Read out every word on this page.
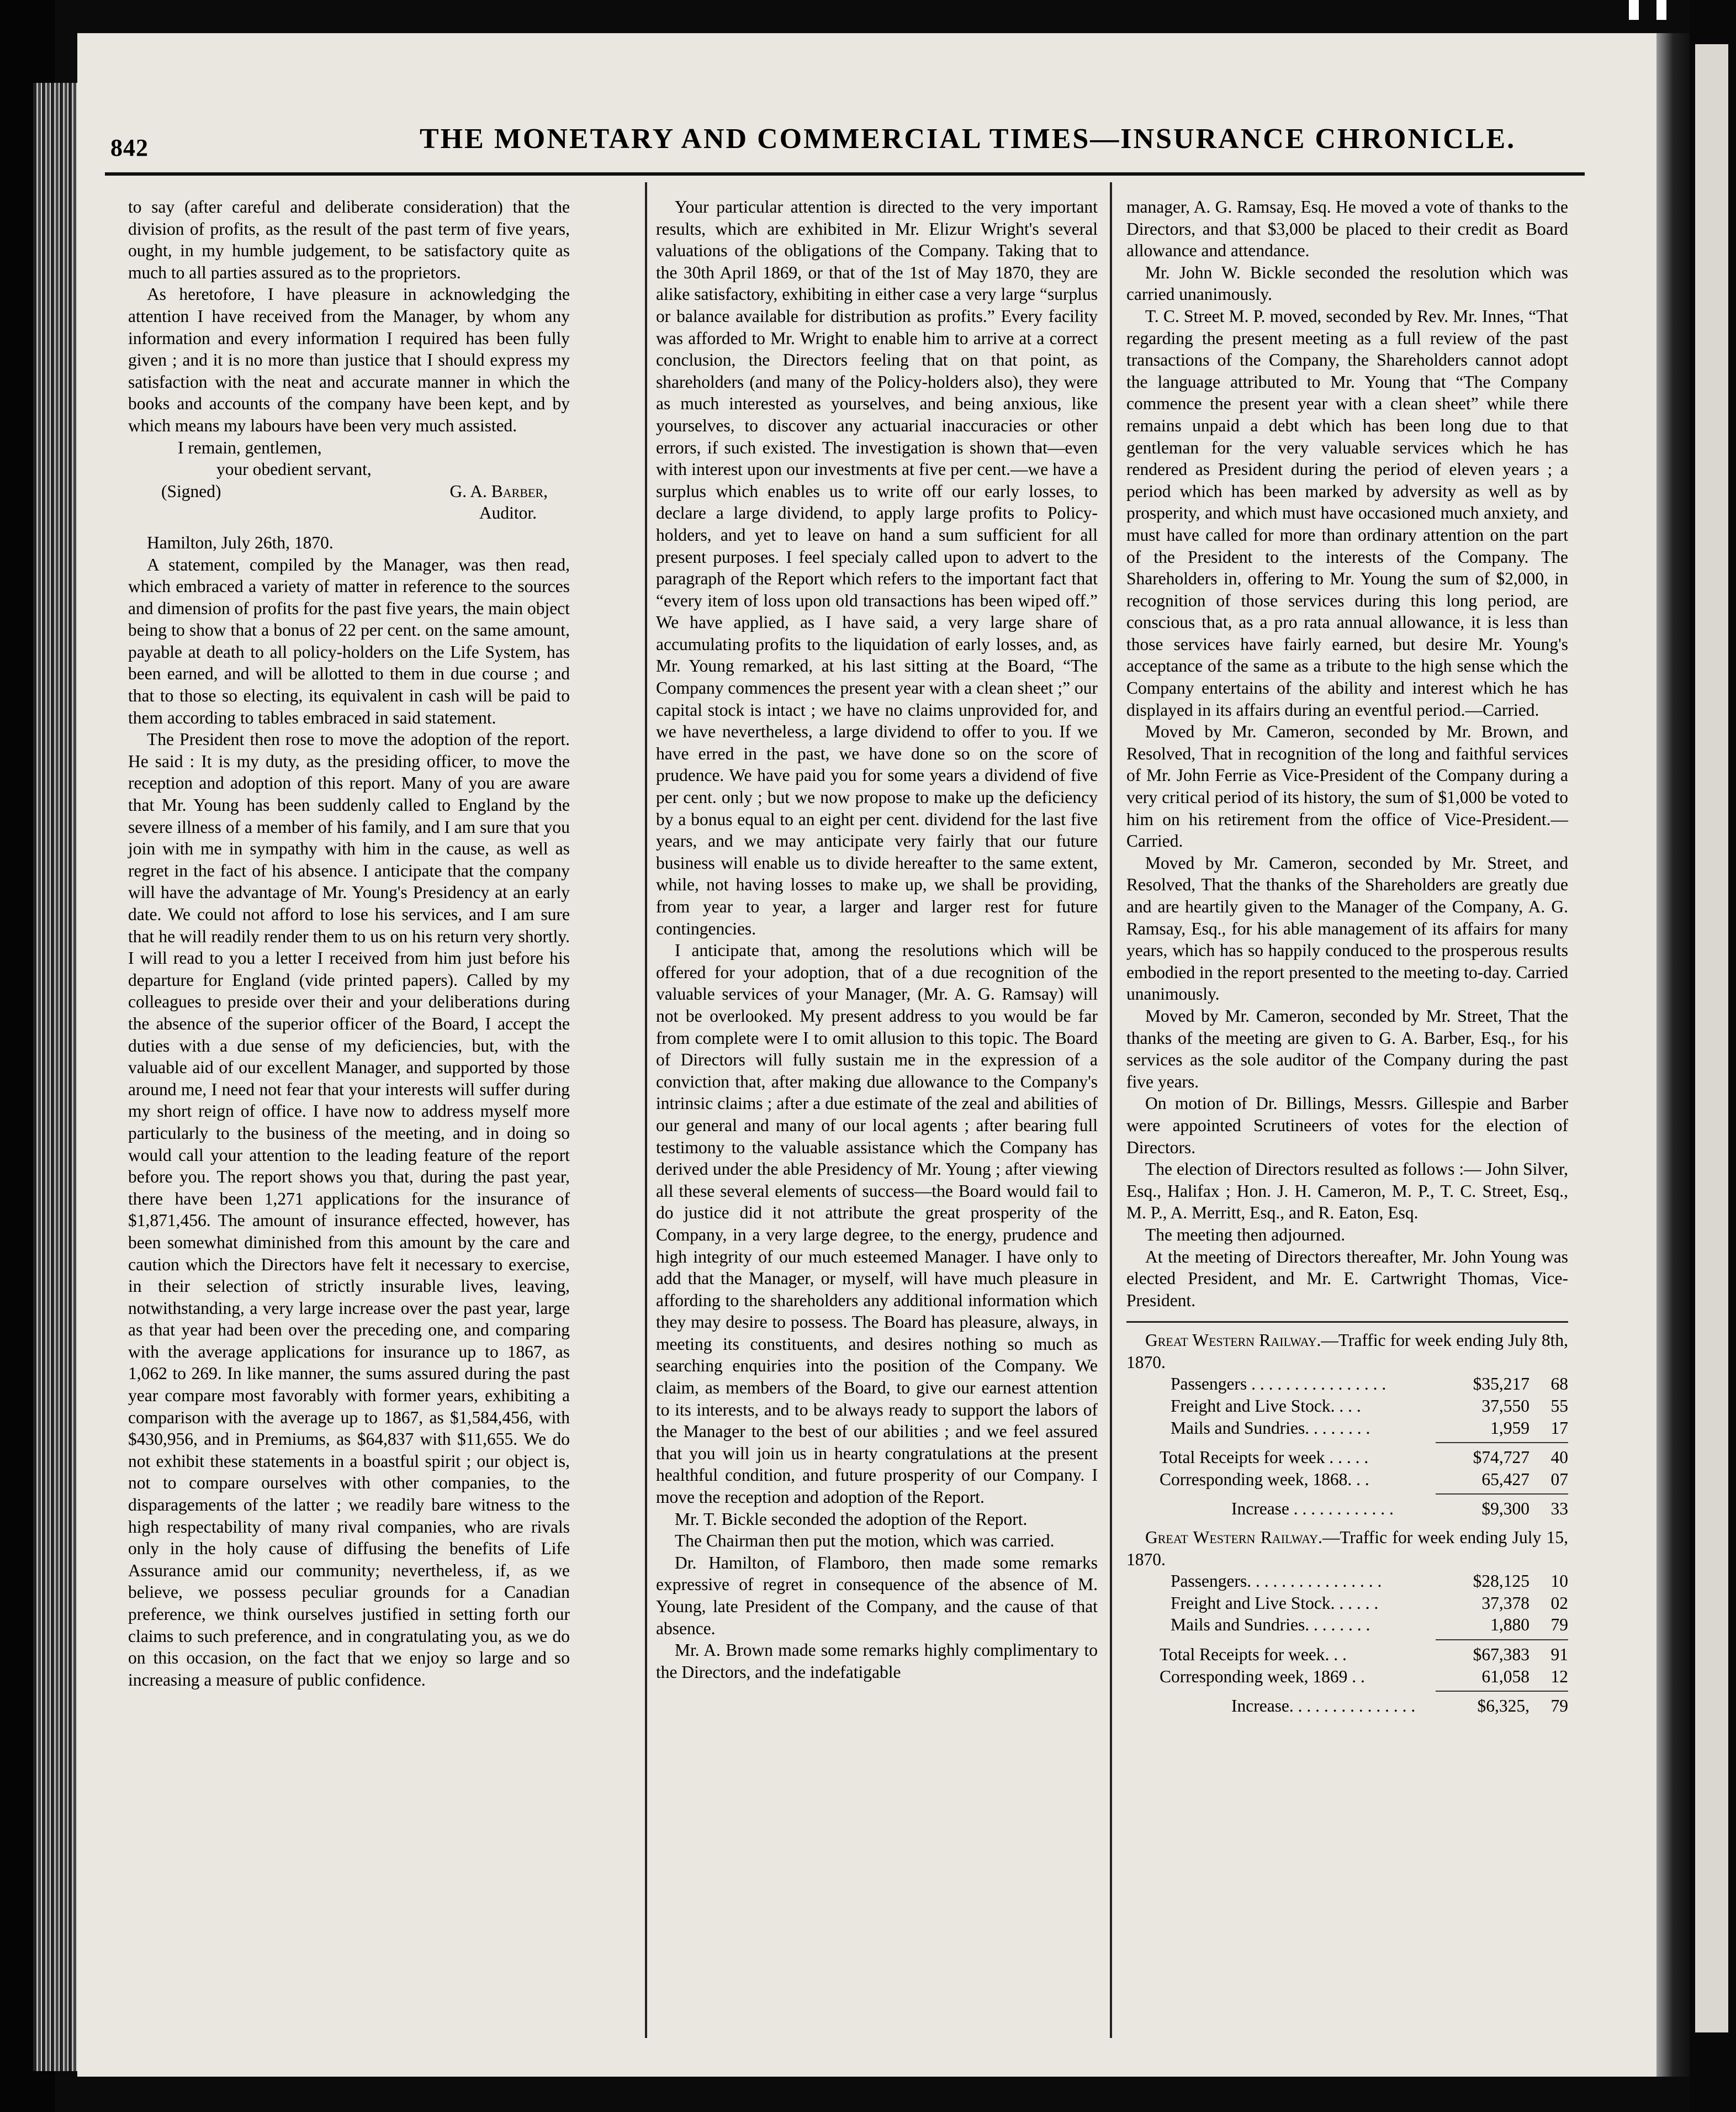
842	THE MONETARY AND COMMERCIAL TIMES—INSURANCE CHRONICLE.

to say (after careful and deliberate consideration) that the division of profits, as the result of the past term of five years, ought, in my humble judgement, to be satisfactory quite as much to all parties assured as to the proprietors.

As heretofore, I have pleasure in acknowledging the attention I have received from the Manager, by whom any information and every information I required has been fully given ; and it is no more than justice that I should express my satisfaction with the neat and accurate manner in which the books and accounts of the company have been kept, and by which means my labours have been very much assisted.

I remain, gentlemen,
your obedient servant,
(Signed)	G. A. Barber,
Auditor.

Hamilton, July 26th, 1870.

A statement, compiled by the Manager, was then read, which embraced a variety of matter in reference to the sources and dimension of profits for the past five years, the main object being to show that a bonus of 22 per cent. on the same amount, payable at death to all policy-holders on the Life System, has been earned, and will be allotted to them in due course ; and that to those so electing, its equivalent in cash will be paid to them according to tables embraced in said statement.

The President then rose to move the adoption of the report. He said : It is my duty, as the presiding officer, to move the reception and adoption of this report. Many of you are aware that Mr. Young has been suddenly called to England by the severe illness of a member of his family, and I am sure that you join with me in sympathy with him in the cause, as well as regret in the fact of his absence. I anticipate that the company will have the advantage of Mr. Young's Presidency at an early date. We could not afford to lose his services, and I am sure that he will readily render them to us on his return very shortly. I will read to you a letter I received from him just before his departure for England (vide printed papers). Called by my colleagues to preside over their and your deliberations during the absence of the superior officer of the Board, I accept the duties with a due sense of my deficiencies, but, with the valuable aid of our excellent Manager, and supported by those around me, I need not fear that your interests will suffer during my short reign of office. I have now to address myself more particularly to the business of the meeting, and in doing so would call your attention to the leading feature of the report before you. The report shows you that, during the past year, there have been 1,271 applications for the insurance of $1,871,456. The amount of insurance effected, however, has been somewhat diminished from this amount by the care and caution which the Directors have felt it necessary to exercise, in their selection of strictly insurable lives, leaving, notwithstanding, a very large increase over the past year, large as that year had been over the preceding one, and comparing with the average applications for insurance up to 1867, as 1,062 to 269. In like manner, the sums assured during the past year compare most favorably with former years, exhibiting a comparison with the average up to 1867, as $1,584,456, with $430,956, and in Premiums, as $64,837 with $11,655. We do not exhibit these statements in a boastful spirit ; our object is, not to compare ourselves with other companies, to the disparagements of the latter ; we readily bare witness to the high respectability of many rival companies, who are rivals only in the holy cause of diffusing the benefits of Life Assurance amid our community; nevertheless, if, as we believe, we possess peculiar grounds for a Canadian preference, we think ourselves justified in setting forth our claims to such preference, and in congratulating you, as we do on this occasion, on the fact that we enjoy so large and so increasing a measure of public confidence.

Your particular attention is directed to the very important results, which are exhibited in Mr. Elizur Wright's several valuations of the obligations of the Company. Taking that to the 30th April 1869, or that of the 1st of May 1870, they are alike satisfactory, exhibiting in either case a very large “surplus or balance available for distribution as profits.” Every facility was afforded to Mr. Wright to enable him to arrive at a correct conclusion, the Directors feeling that on that point, as shareholders (and many of the Policy-holders also), they were as much interested as yourselves, and being anxious, like yourselves, to discover any actuarial inaccuracies or other errors, if such existed. The investigation is shown that—even with interest upon our investments at five per cent.—we have a surplus which enables us to write off our early losses, to declare a large dividend, to apply large profits to Policy-holders, and yet to leave on hand a sum sufficient for all present purposes. I feel specialy called upon to advert to the paragraph of the Report which refers to the important fact that “every item of loss upon old transactions has been wiped off.” We have applied, as I have said, a very large share of accumulating profits to the liquidation of early losses, and, as Mr. Young remarked, at his last sitting at the Board, “The Company commences the present year with a clean sheet ;” our capital stock is intact ; we have no claims unprovided for, and we have nevertheless, a large dividend to offer to you. If we have erred in the past, we have done so on the score of prudence. We have paid you for some years a dividend of five per cent. only ; but we now propose to make up the deficiency by a bonus equal to an eight per cent. dividend for the last five years, and we may anticipate very fairly that our future business will enable us to divide hereafter to the same extent, while, not having losses to make up, we shall be providing, from year to year, a larger and larger rest for future contingencies.

I anticipate that, among the resolutions which will be offered for your adoption, that of a due recognition of the valuable services of your Manager, (Mr. A. G. Ramsay) will not be overlooked. My present address to you would be far from complete were I to omit allusion to this topic. The Board of Directors will fully sustain me in the expression of a conviction that, after making due allowance to the Company's intrinsic claims ; after a due estimate of the zeal and abilities of our general and many of our local agents ; after bearing full testimony to the valuable assistance which the Company has derived under the able Presidency of Mr. Young ; after viewing all these several elements of success—the Board would fail to do justice did it not attribute the great prosperity of the Company, in a very large degree, to the energy, prudence and high integrity of our much esteemed Manager. I have only to add that the Manager, or myself, will have much pleasure in affording to the shareholders any additional information which they may desire to possess. The Board has pleasure, always, in meeting its constituents, and desires nothing so much as searching enquiries into the position of the Company. We claim, as members of the Board, to give our earnest attention to its interests, and to be always ready to support the labors of the Manager to the best of our abilities ; and we feel assured that you will join us in hearty congratulations at the present healthful condition, and future prosperity of our Company. I move the reception and adoption of the Report.

Mr. T. Bickle seconded the adoption of the Report.

The Chairman then put the motion, which was carried.

Dr. Hamilton, of Flamboro, then made some remarks expressive of regret in consequence of the absence of M. Young, late President of the Company, and the cause of that absence.

Mr. A. Brown made some remarks highly complimentary to the Directors, and the indefatigable

manager, A. G. Ramsay, Esq. He moved a vote of thanks to the Directors, and that $3,000 be placed to their credit as Board allowance and attendance.

Mr. John W. Bickle seconded the resolution which was carried unanimously.

T. C. Street M. P. moved, seconded by Rev. Mr. Innes, “That regarding the present meeting as a full review of the past transactions of the Company, the Shareholders cannot adopt the language attributed to Mr. Young that “The Company commence the present year with a clean sheet” while there remains unpaid a debt which has been long due to that gentleman for the very valuable services which he has rendered as President during the period of eleven years ; a period which has been marked by adversity as well as by prosperity, and which must have occasioned much anxiety, and must have called for more than ordinary attention on the part of the President to the interests of the Company. The Shareholders in, offering to Mr. Young the sum of $2,000, in recognition of those services during this long period, are conscious that, as a pro rata annual allowance, it is less than those services have fairly earned, but desire Mr. Young's acceptance of the same as a tribute to the high sense which the Company entertains of the ability and interest which he has displayed in its affairs during an eventful period.—Carried.

Moved by Mr. Cameron, seconded by Mr. Brown, and Resolved, That in recognition of the long and faithful services of Mr. John Ferrie as Vice-President of the Company during a very critical period of its history, the sum of $1,000 be voted to him on his retirement from the office of Vice-President.—Carried.

Moved by Mr. Cameron, seconded by Mr. Street, and Resolved, That the thanks of the Shareholders are greatly due and are heartily given to the Manager of the Company, A. G. Ramsay, Esq., for his able management of its affairs for many years, which has so happily conduced to the prosperous results embodied in the report presented to the meeting to-day. Carried unanimously.

Moved by Mr. Cameron, seconded by Mr. Street, That the thanks of the meeting are given to G. A. Barber, Esq., for his services as the sole auditor of the Company during the past five years.

On motion of Dr. Billings, Messrs. Gillespie and Barber were appointed Scrutineers of votes for the election of Directors.

The election of Directors resulted as follows :— John Silver, Esq., Halifax ; Hon. J. H. Cameron, M. P., T. C. Street, Esq., M. P., A. Merritt, Esq., and R. Eaton, Esq.

The meeting then adjourned.

At the meeting of Directors thereafter, Mr. John Young was elected President, and Mr. E. Cartwright Thomas, Vice-President.

Great Western Railway.—Traffic for week ending July 8th, 1870.

Passengers . . . . . . . . . . . . . . . .	$35,217	68
Freight and Live Stock. . . .	37,550	55
Mails and Sundries. . . . . . . .	1,959	17
Total Receipts for week . . . . .	$74,727	40
Corresponding week, 1868. . .	65,427	07
Increase . . . . . . . . . . . .	$9,300	33

Great Western Railway.—Traffic for week ending July 15, 1870.

Passengers. . . . . . . . . . . . . . . .	$28,125	10
Freight and Live Stock. . . . . .	37,378	02
Mails and Sundries. . . . . . . .	1,880	79
Total Receipts for week. . .	$67,383	91
Corresponding week, 1869 . .	61,058	12
Increase. . . . . . . . . . . . . . .	$6,325,	79
